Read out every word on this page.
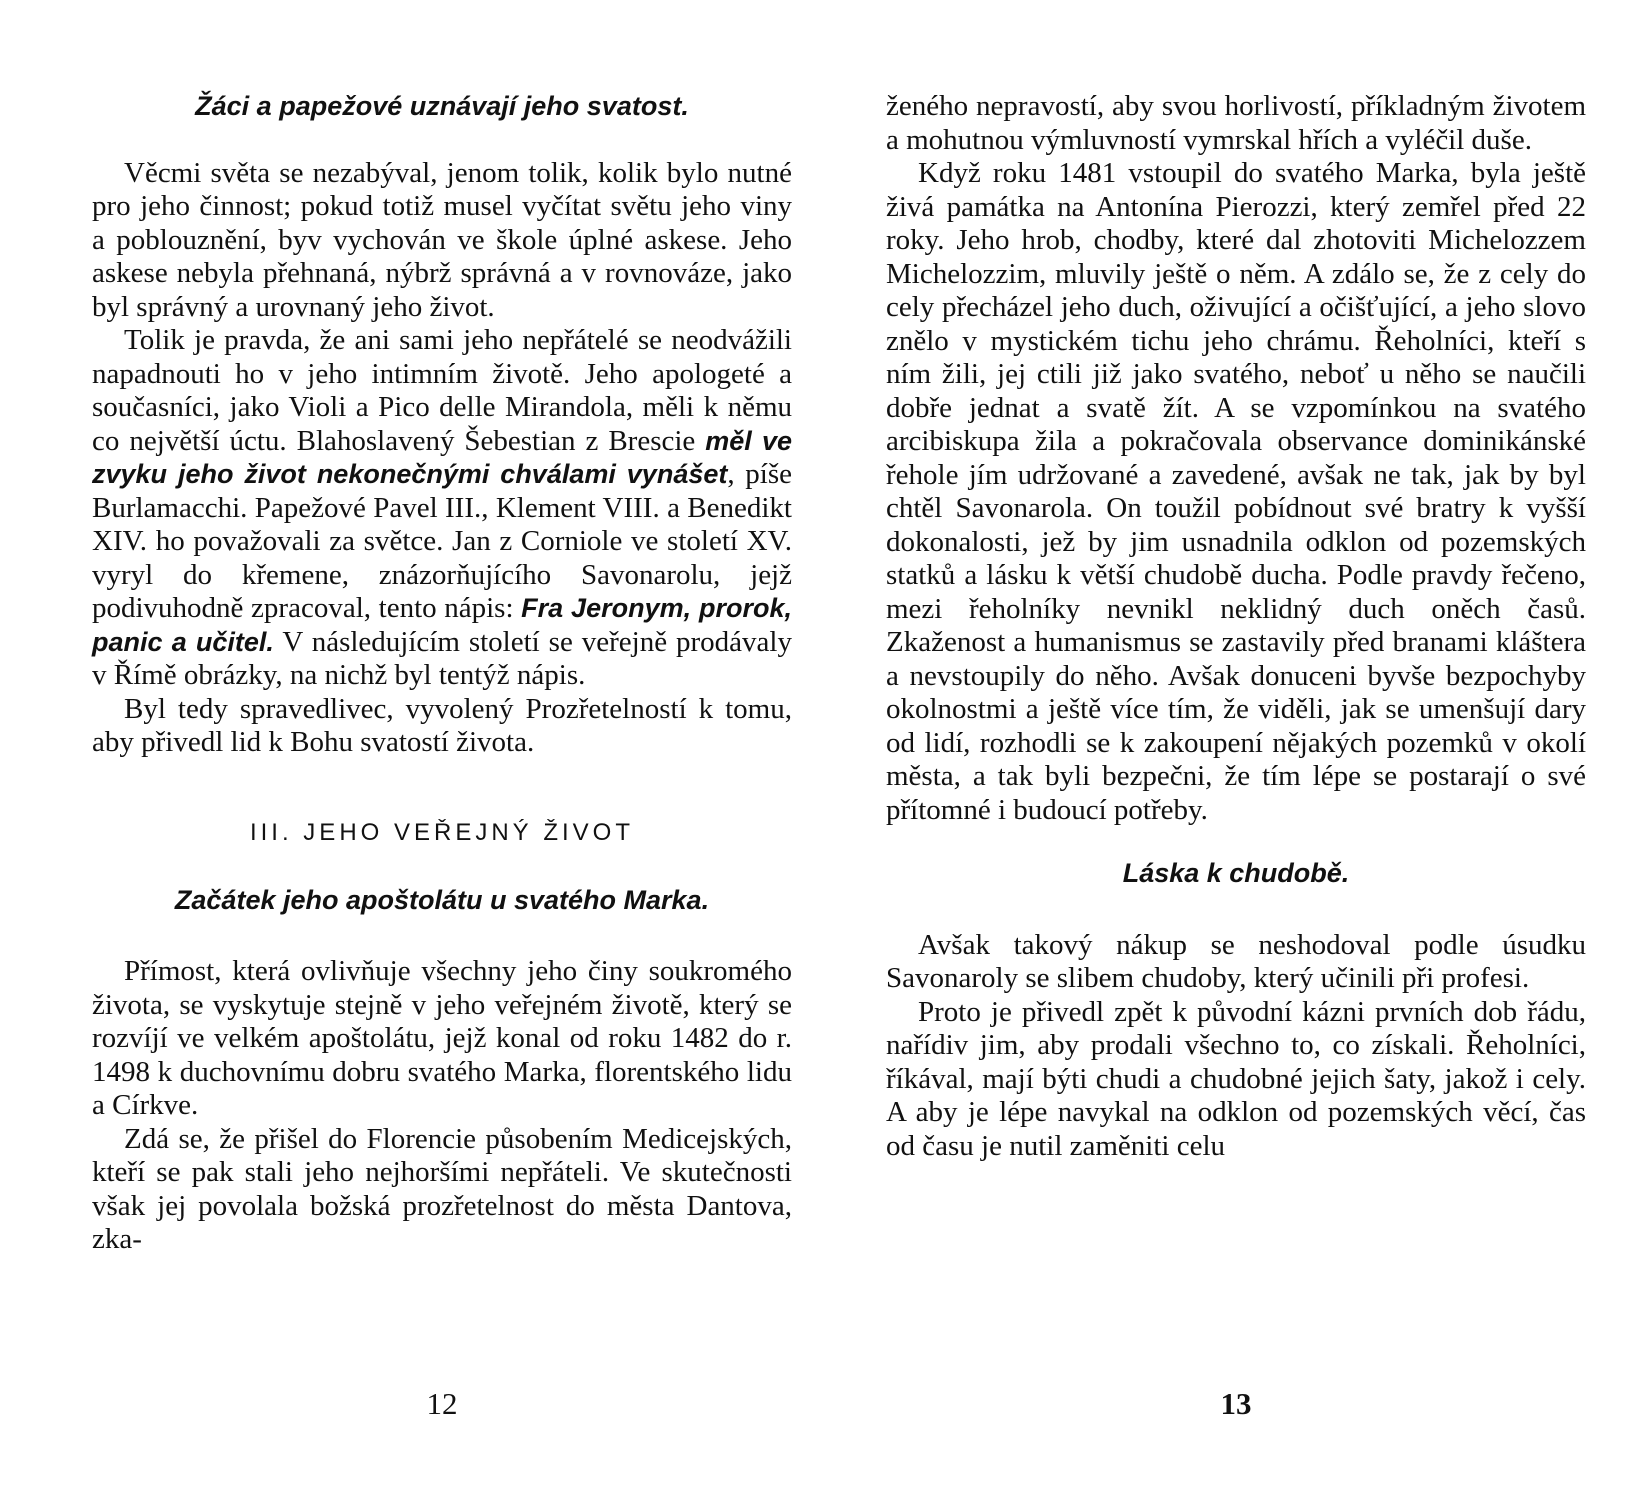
Žáci a papežové uznávají jeho svatost.

Věcmi světa se nezabýval, jenom tolik, kolik bylo nutné pro jeho činnost; pokud totiž musel vyčítat světu jeho viny a poblouznění, byv vychován ve škole úplné askese. Jeho askese nebyla přehnaná, nýbrž správná a v rovnováze, jako byl správný a urovnaný jeho život.

Tolik je pravda, že ani sami jeho nepřátelé se neodvážili napadnouti ho v jeho intimním životě. Jeho apologeté a současníci, jako Violi a Pico delle Mirandola, měli k němu co největší úctu. Blahoslavený Šebestian z Brescie měl ve zvyku jeho život nekonečnými chválami vynášet, píše Burlamacchi. Papežové Pavel III., Klement VIII. a Benedikt XIV. ho považovali za světce. Jan z Corniole ve století XV. vyryl do křemene, znázorňujícího Savonarolu, jejž podivuhodně zpracoval, tento nápis: Fra Jeronym, prorok, panic a učitel. V následujícím století se veřejně prodávaly v Římě obrázky, na nichž byl tentýž nápis.

Byl tedy spravedlivec, vyvolený Prozřetelností k tomu, aby přivedl lid k Bohu svatostí života.

III. JEHO VEŘEJNÝ ŽIVOT
Začátek jeho apoštolátu u svatého Marka.

Přímost, která ovlivňuje všechny jeho činy soukromého života, se vyskytuje stejně v jeho veřejném životě, který se rozvíjí ve velkém apoštolátu, jejž konal od roku 1482 do r. 1498 k duchovnímu dobru svatého Marka, florentského lidu a Církve.

Zdá se, že přišel do Florencie působením Medicejských, kteří se pak stali jeho nejhoršími nepřáteli. Ve skutečnosti však jej povolala božská prozřetelnost do města Dantova, zka-

12

ženého nepravostí, aby svou horlivostí, příkladným životem a mohutnou výmluvností vymrskal hřích a vyléčil duše.

Když roku 1481 vstoupil do svatého Marka, byla ještě živá památka na Antonína Pierozzi, který zemřel před 22 roky. Jeho hrob, chodby, které dal zhotoviti Michelozzem Michelozzim, mluvily ještě o něm. A zdálo se, že z cely do cely přecházel jeho duch, oživující a očišťující, a jeho slovo znělo v mystickém tichu jeho chrámu. Řeholníci, kteří s ním žili, jej ctili již jako svatého, neboť u něho se naučili dobře jednat a svatě žít. A se vzpomínkou na svatého arcibiskupa žila a pokračovala observance dominikánské řehole jím udržované a zavedené, avšak ne tak, jak by byl chtěl Savonarola. On toužil pobídnout své bratry k vyšší dokonalosti, jež by jim usnadnila odklon od pozemských statků a lásku k větší chudobě ducha. Podle pravdy řečeno, mezi řeholníky nevnikl neklidný duch oněch časů. Zkaženost a humanismus se zastavily před branami kláštera a nevstoupily do něho. Avšak donuceni byvše bezpochyby okolnostmi a ještě více tím, že viděli, jak se umenšují dary od lidí, rozhodli se k zakoupení nějakých pozemků v okolí města, a tak byli bezpečni, že tím lépe se postarají o své přítomné i budoucí potřeby.

Láska k chudobě.

Avšak takový nákup se neshodoval podle úsudku Savonaroly se slibem chudoby, který učinili při profesi.

Proto je přivedl zpět k původní kázni prvních dob řádu, nařídiv jim, aby prodali všechno to, co získali. Řeholníci, říkával, mají býti chudi a chudobné jejich šaty, jakož i cely. A aby je lépe navykal na odklon od pozemských věcí, čas od času je nutil zaměniti celu

13
